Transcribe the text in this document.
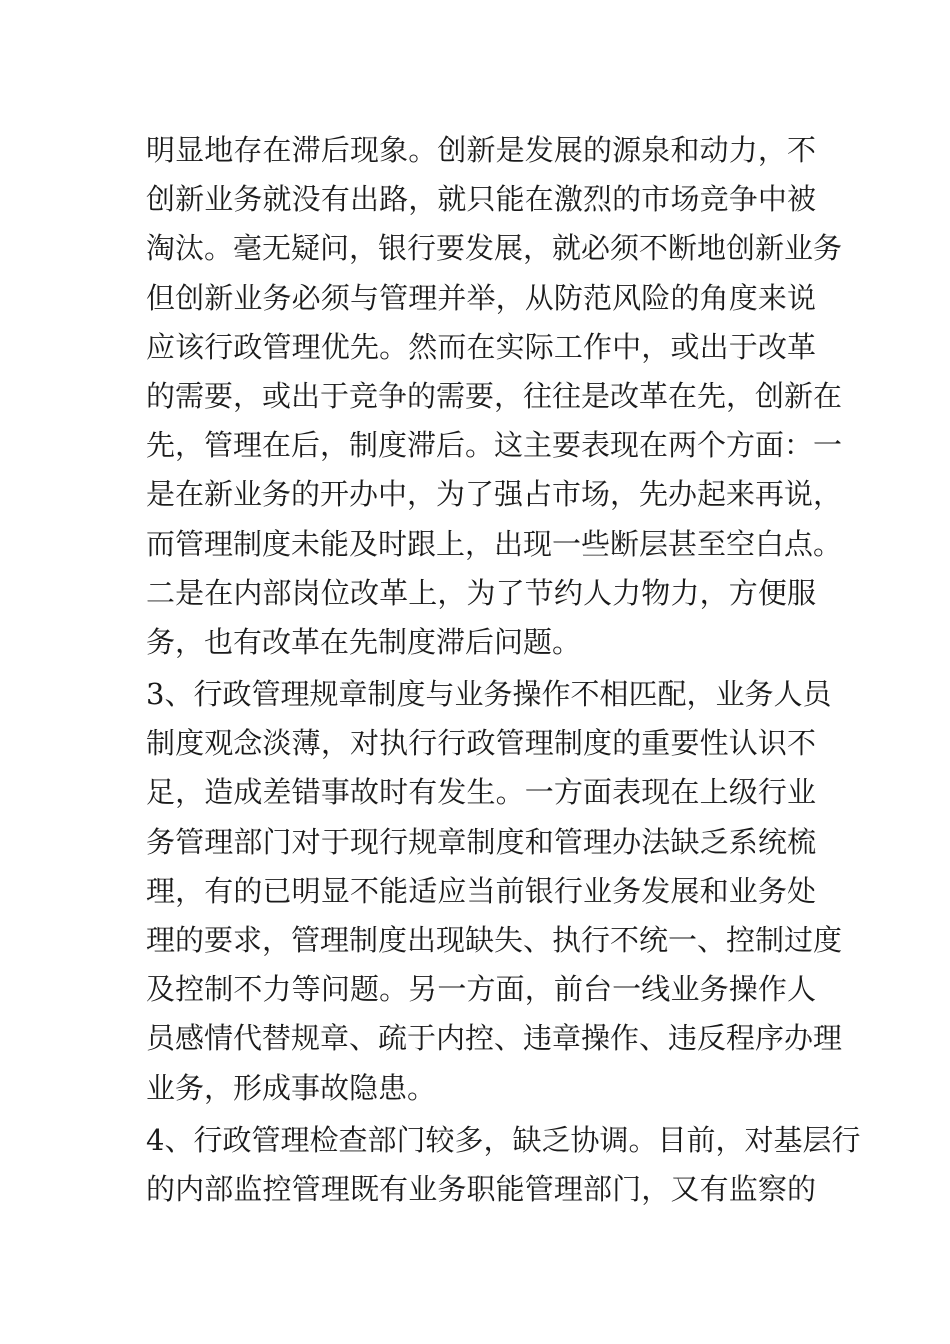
明显地存在滞后现象。创新是发展的源泉和动力，不
创新业务就没有出路，就只能在激烈的市场竞争中被
淘汰。毫无疑问，银行要发展，就必须不断地创新业务
但创新业务必须与管理并举，从防范风险的角度来说
应该行政管理优先。然而在实际工作中，或出于改革
的需要，或出于竞争的需要，往往是改革在先，创新在
先，管理在后，制度滞后。这主要表现在两个方面：一
是在新业务的开办中，为了强占市场，先办起来再说，
而管理制度未能及时跟上，出现一些断层甚至空白点。
二是在内部岗位改革上，为了节约人力物力，方便服
务，也有改革在先制度滞后问题。
3、行政管理规章制度与业务操作不相匹配，业务人员
制度观念淡薄，对执行行政管理制度的重要性认识不
足，造成差错事故时有发生。一方面表现在上级行业
务管理部门对于现行规章制度和管理办法缺乏系统梳
理，有的已明显不能适应当前银行业务发展和业务处
理的要求，管理制度出现缺失、执行不统一、控制过度
及控制不力等问题。另一方面，前台一线业务操作人
员感情代替规章、疏于内控、违章操作、违反程序办理
业务，形成事故隐患。
4、行政管理检查部门较多，缺乏协调。目前，对基层行
的内部监控管理既有业务职能管理部门，又有监察的
